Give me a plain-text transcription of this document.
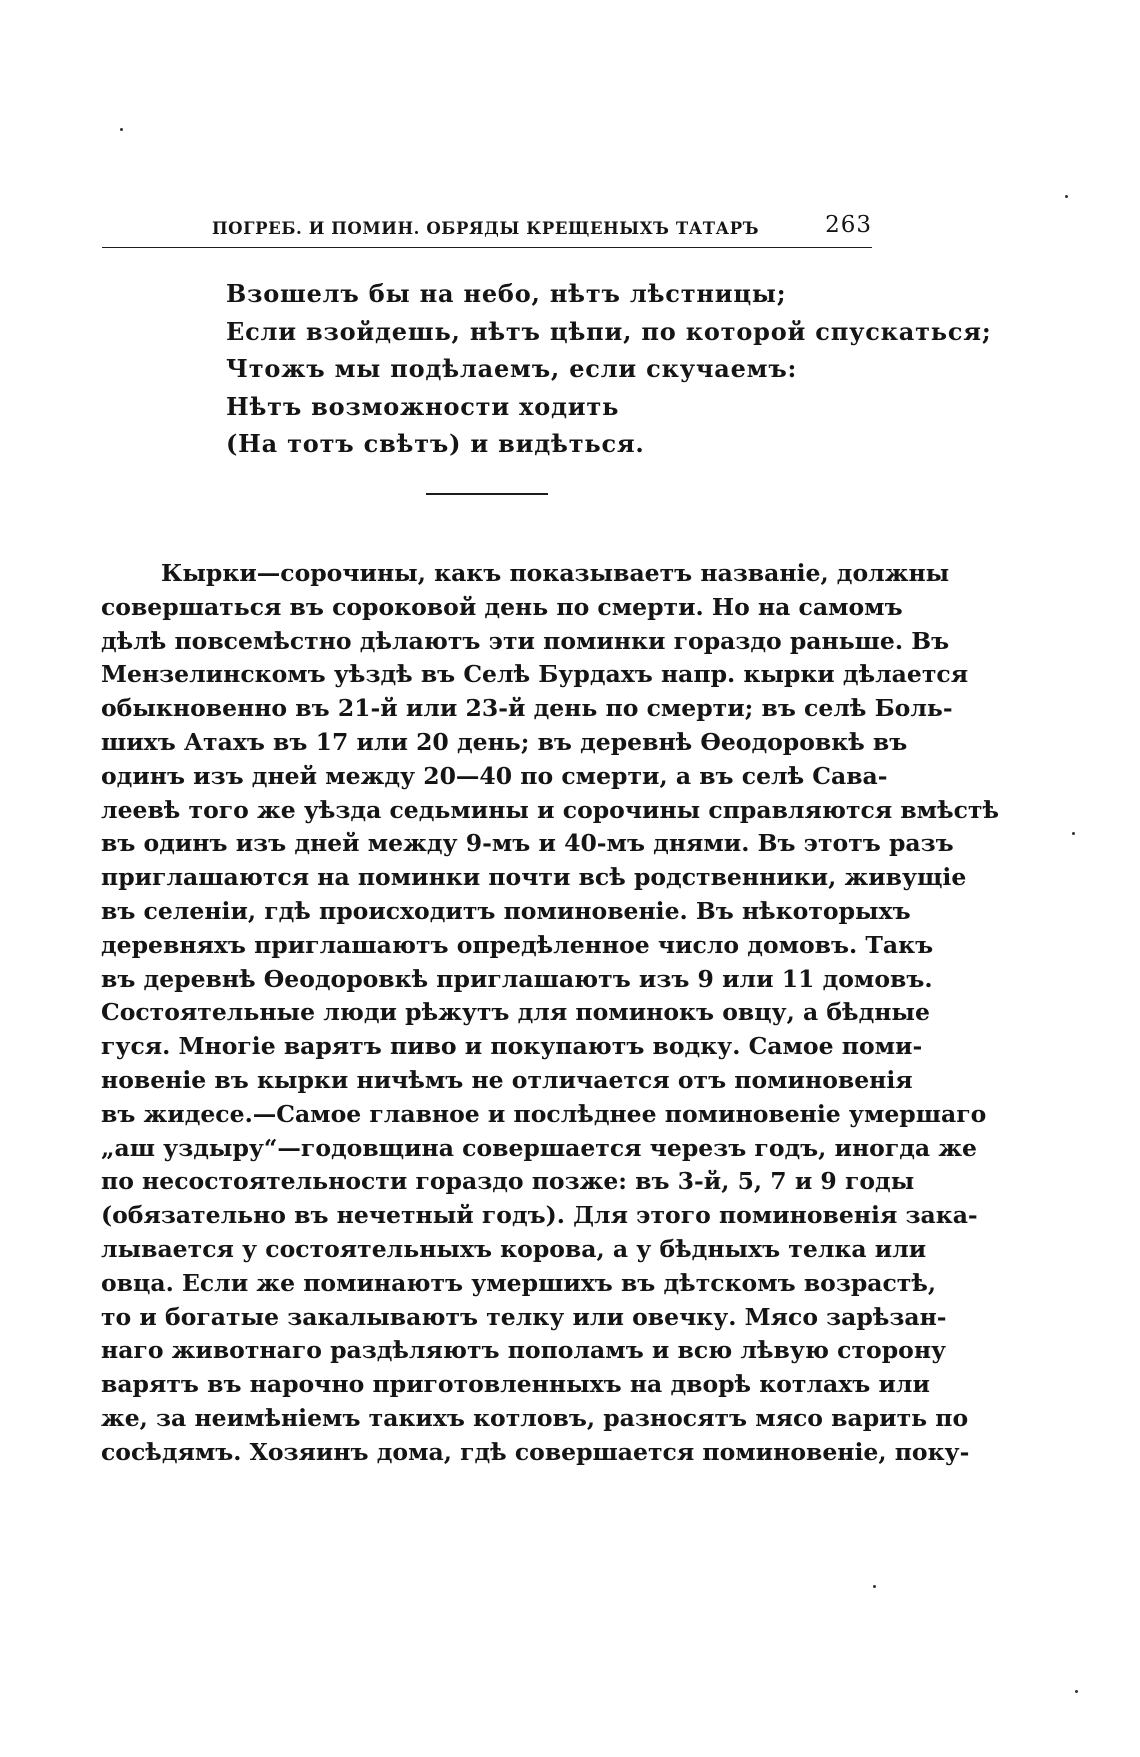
ПОГРЕБ. И ПОМИН. ОБРЯДЫ КРЕЩЕНЫХЪ ТАТАРЪ	263
Взошелъ бы на небо, нѣтъ лѣстницы;
Если взойдешь, нѣтъ цѣпи, по которой спускаться;
Чтожъ мы подѣлаемъ, если скучаемъ:
Нѣтъ возможности ходить
(На тотъ свѣтъ) и видѣться.
Кырки—сорочины, какъ показываетъ названіе, должны
совершаться въ сороковой день по смерти. Но на самомъ
дѣлѣ повсемѣстно дѣлаютъ эти поминки гораздо раньше. Въ
Мензелинскомъ уѣздѣ въ Селѣ Бурдахъ напр. кырки дѣлается
обыкновенно въ 21-й или 23-й день по смерти; въ селѣ Боль-
шихъ Атахъ въ 17 или 20 день; въ деревнѣ Ѳеодоровкѣ въ
одинъ изъ дней между 20—40 по смерти, а въ селѣ Сава-
леевѣ того же уѣзда седьмины и сорочины справляются вмѣстѣ
въ одинъ изъ дней между 9-мъ и 40-мъ днями. Въ этотъ разъ
приглашаются на поминки почти всѣ родственники, живущіе
въ селеніи, гдѣ происходитъ поминовеніе. Въ нѣкоторыхъ
деревняхъ приглашаютъ опредѣленное число домовъ. Такъ
въ деревнѣ Ѳеодоровкѣ приглашаютъ изъ 9 или 11 домовъ.
Состоятельные люди рѣжутъ для поминокъ овцу, а бѣдные
гуся. Многіе варятъ пиво и покупаютъ водку. Самое поми-
новеніе въ кырки ничѣмъ не отличается отъ поминовенія
въ жидесе.—Самое главное и послѣднее поминовеніе умершаго
„аш уздыру“—годовщина совершается черезъ годъ, иногда же
по несостоятельности гораздо позже: въ 3-й, 5, 7 и 9 годы
(обязательно въ нечетный годъ). Для этого поминовенія зака-
лывается у состоятельныхъ корова, а у бѣдныхъ телка или
овца. Если же поминаютъ умершихъ въ дѣтскомъ возрастѣ,
то и богатые закалываютъ телку или овечку. Мясо зарѣзан-
наго животнаго раздѣляютъ пополамъ и всю лѣвую сторону
варятъ въ нарочно приготовленныхъ на дворѣ котлахъ или
же, за неимѣніемъ такихъ котловъ, разносятъ мясо варить по
сосѣдямъ. Хозяинъ дома, гдѣ совершается поминовеніе, поку-
